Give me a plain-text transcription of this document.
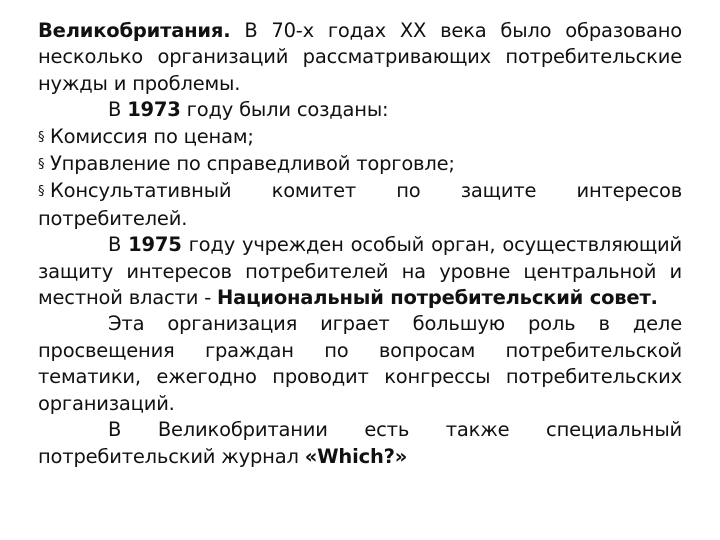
Великобритания. В 70-х годах XX века было образовано несколько организаций рассматривающих потребительские нужды и проблемы.

В 1973 году были созданы:

§ Комиссия по ценам;

§ Управление по справедливой торговле;

§ Консультативный комитет по защите интересов потребителей.

В 1975 году учрежден особый орган, осуществляющий защиту интересов потребителей на уровне центральной и местной власти - Национальный потребительский совет.

Эта организация играет большую роль в деле просвещения граждан по вопросам потребительской тематики, ежегодно проводит конгрессы потребительских организаций.

В Великобритании есть также специальный потребительский журнал «Which?»
